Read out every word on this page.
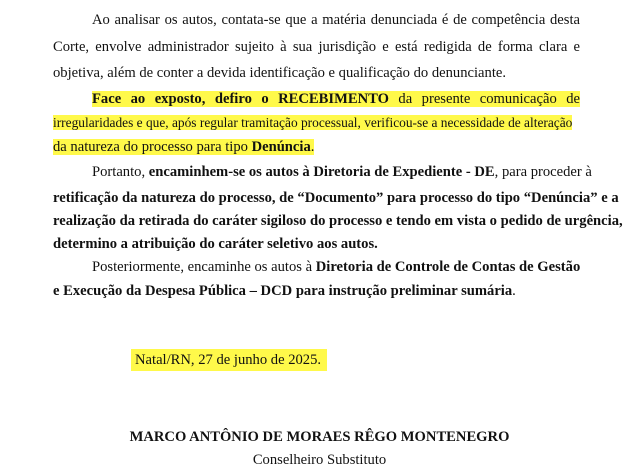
Ao analisar os autos, contata-se que a matéria denunciada é de competência desta
Corte, envolve administrador sujeito à sua jurisdição e está redigida de forma clara e
objetiva, além de conter a devida identificação e qualificação do denunciante.
Face ao exposto, defiro o RECEBIMENTO da presente comunicação de
irregularidades e que, após regular tramitação processual, verificou-se a necessidade de alteração
da natureza do processo para tipo Denúncia.
Portanto, encaminhem-se os autos à Diretoria de Expediente - DE, para proceder à
retificação da natureza do processo, de “Documento” para processo do tipo “Denúncia” e a
realização da retirada do caráter sigiloso do processo e tendo em vista o pedido de urgência,
determino a atribuição do caráter seletivo aos autos.
Posteriormente, encaminhe os autos à Diretoria de Controle de Contas de Gestão
e Execução da Despesa Pública – DCD para instrução preliminar sumária.
Natal/RN, 27 de junho de 2025.
MARCO ANTÔNIO DE MORAES RÊGO MONTENEGRO
Conselheiro Substituto
